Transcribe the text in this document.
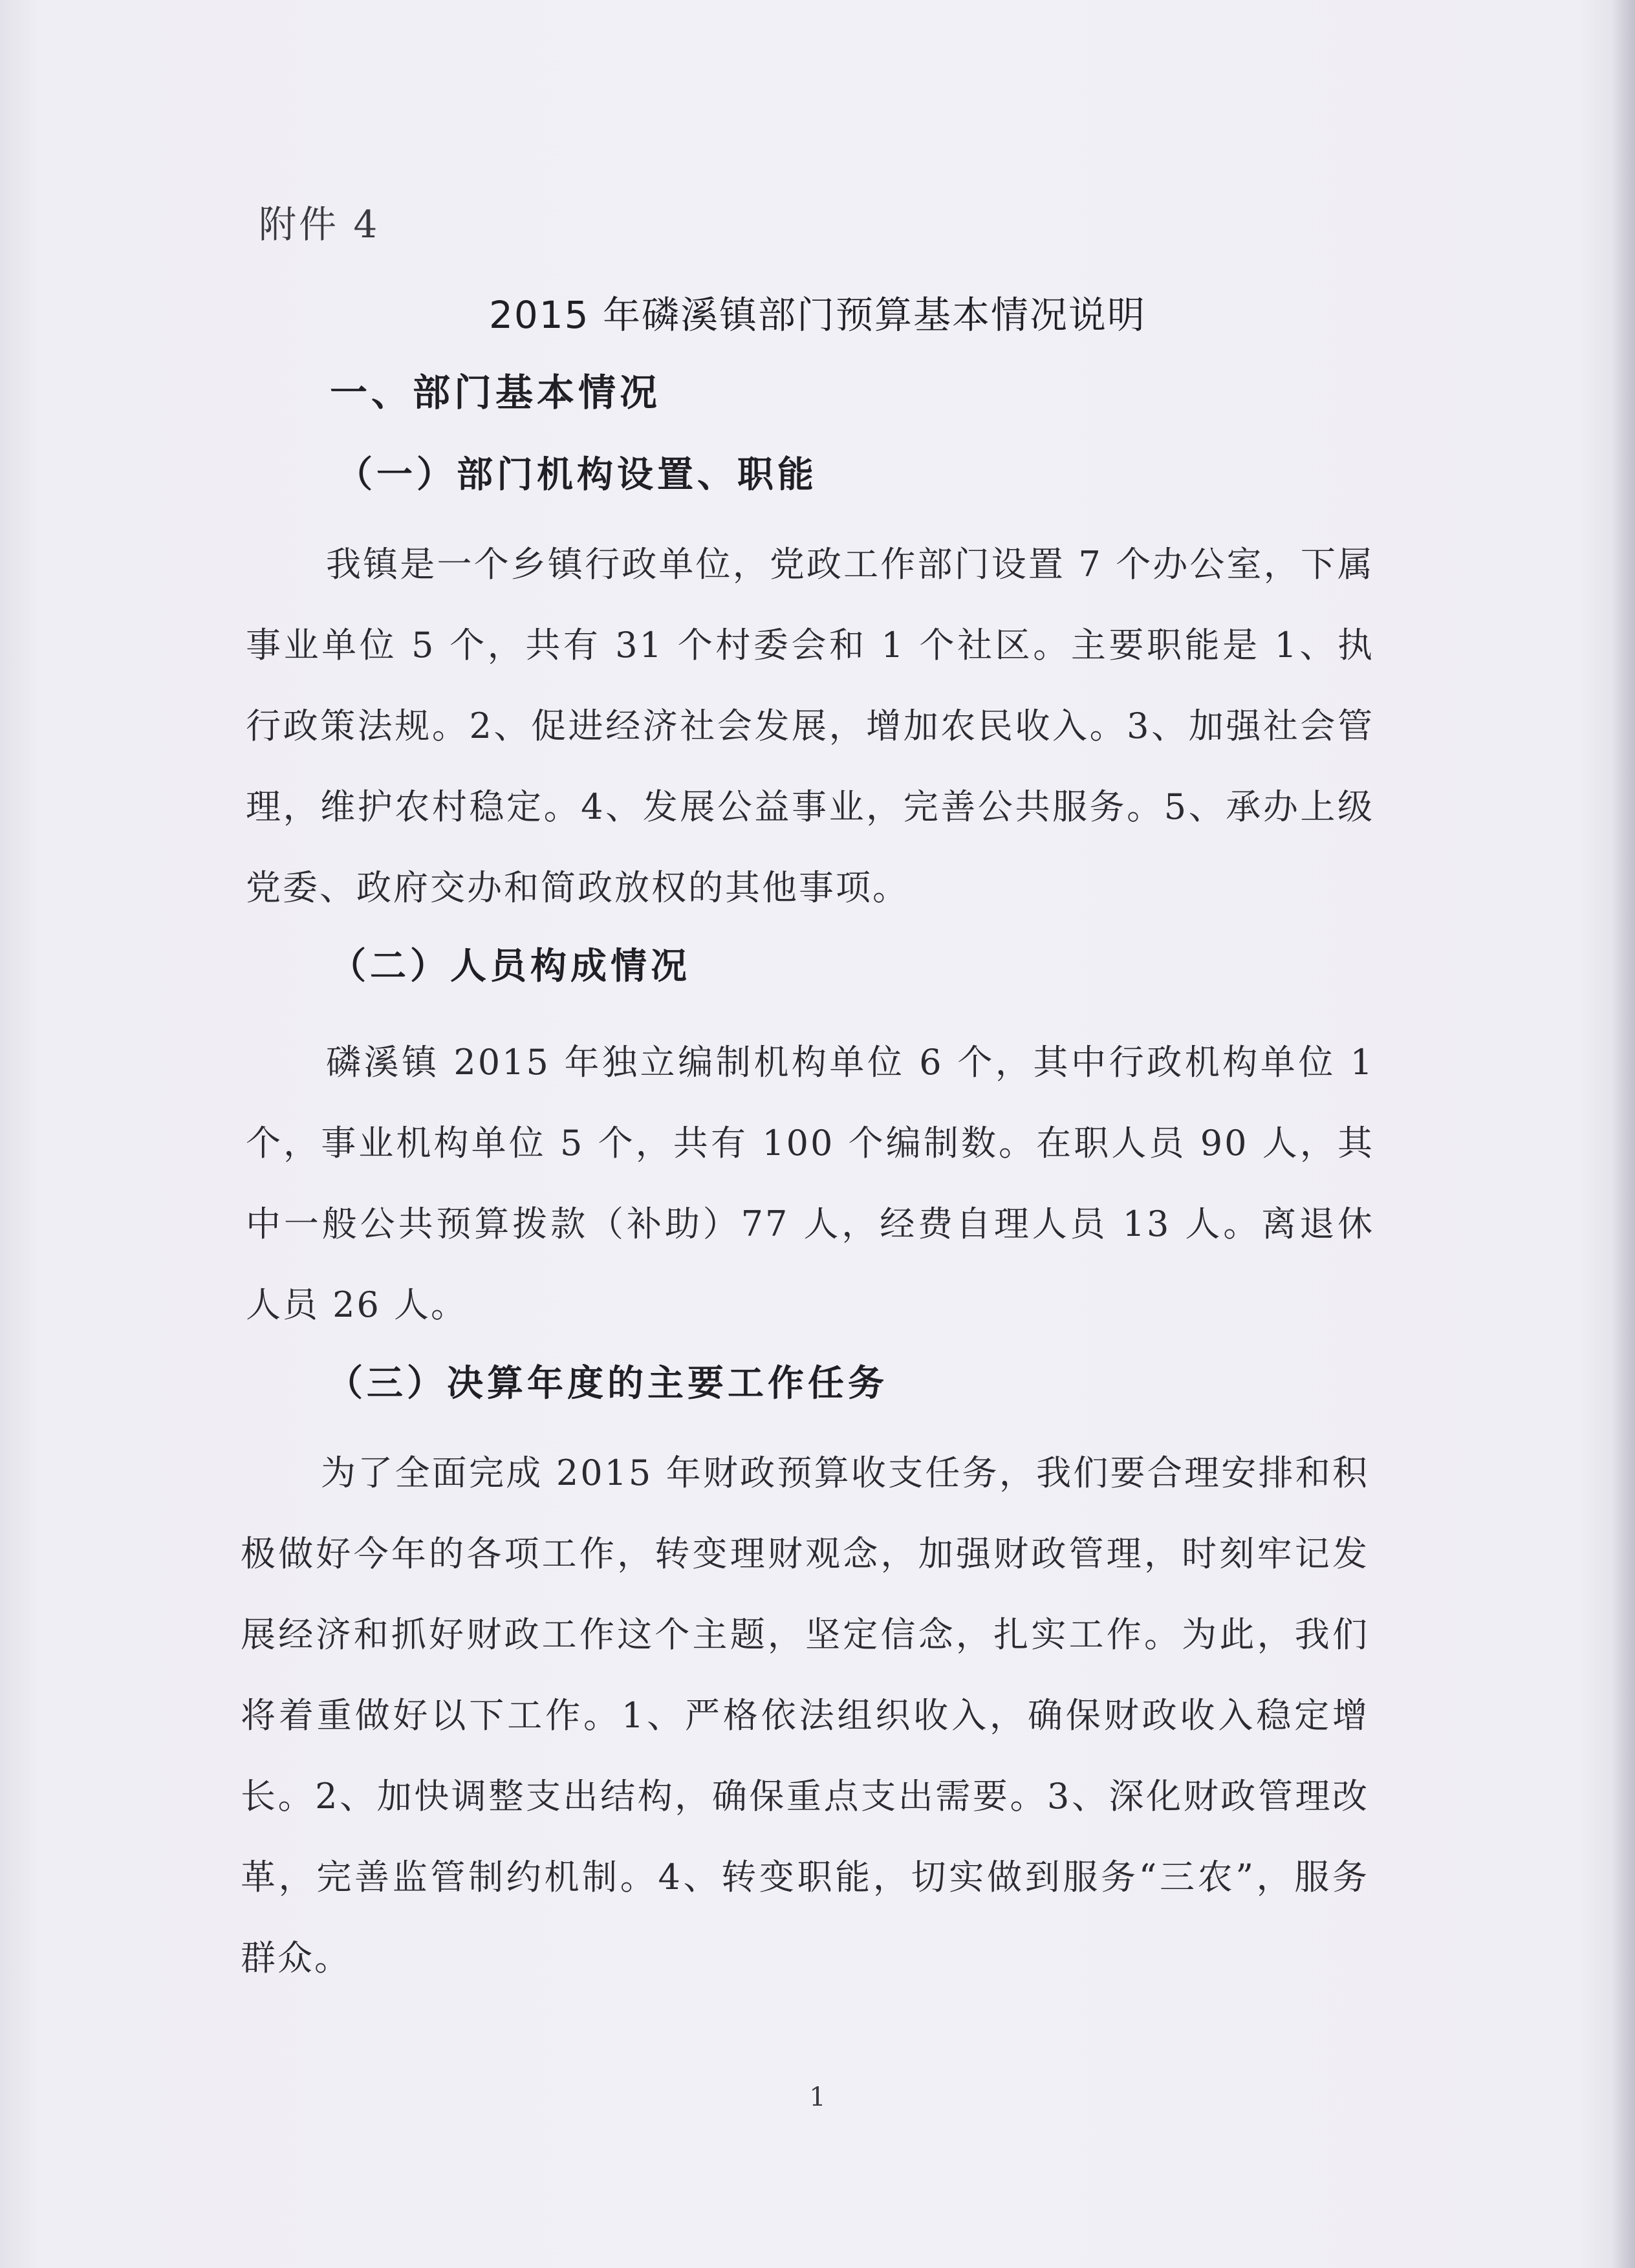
附件 4
2015 年磷溪镇部门预算基本情况说明
一、部门基本情况
（一）部门机构设置、职能
我镇是一个乡镇行政单位，党政工作部门设置 7 个办公室，下属事业单位 5 个，共有 31 个村委会和 1 个社区。主要职能是 1、执行政策法规。2、促进经济社会发展，增加农民收入。3、加强社会管理，维护农村稳定。4、发展公益事业，完善公共服务。5、承办上级党委、政府交办和简政放权的其他事项。
（二）人员构成情况
磷溪镇 2015 年独立编制机构单位 6 个，其中行政机构单位 1 个，事业机构单位 5 个，共有 100 个编制数。在职人员 90 人，其中一般公共预算拨款（补助）77 人，经费自理人员 13 人。离退休人员 26 人。
（三）决算年度的主要工作任务
为了全面完成 2015 年财政预算收支任务，我们要合理安排和积极做好今年的各项工作，转变理财观念，加强财政管理，时刻牢记发展经济和抓好财政工作这个主题，坚定信念，扎实工作。为此，我们将着重做好以下工作。1、严格依法组织收入，确保财政收入稳定增长。2、加快调整支出结构，确保重点支出需要。3、深化财政管理改革，完善监管制约机制。4、转变职能，切实做到服务“三农”，服务群众。
1
